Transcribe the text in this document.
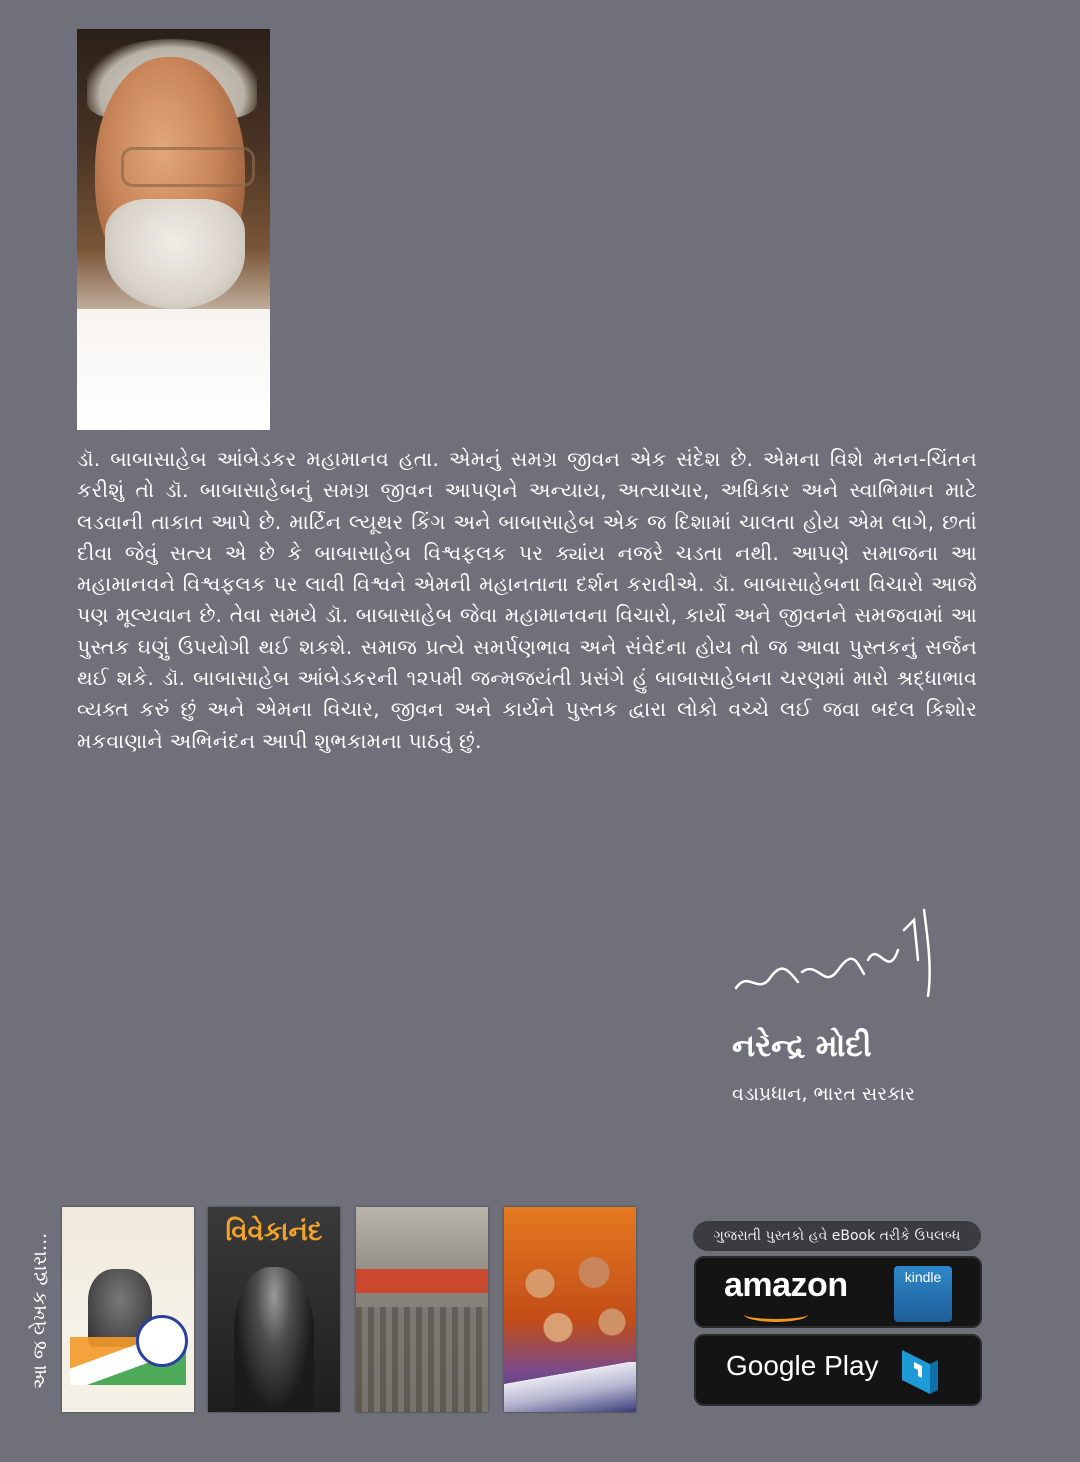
ડૉ. બાબાસાહેબ આંબેડકર મહામાનવ હતા. એમનું સમગ્ર જીવન એક સંદેશ છે. એમના વિશે મનન-ચિંતન કરીશું તો ડૉ. બાબાસાહેબનું સમગ્ર જીવન આપણને અન્યાય, અત્યાચાર, અધિકાર અને સ્વાભિમાન માટે લડવાની તાકાત આપે છે. માર્ટિન લ્યૂથર કિંગ અને બાબાસાહેબ એક જ દિશામાં ચાલતા હોય એમ લાગે, છતાં દીવા જેવું સત્ય એ છે કે બાબાસાહેબ વિશ્વફલક પર ક્યાંય નજરે ચડતા નથી. આપણે સમાજના આ મહામાનવને વિશ્વફલક પર લાવી વિશ્વને એમની મહાનતાના દર્શન કરાવીએ. ડૉ. બાબાસાહેબના વિચારો આજે પણ મૂલ્યવાન છે. તેવા સમયે ડૉ. બાબાસાહેબ જેવા મહામાનવના વિચારો, કાર્યો અને જીવનને સમજવામાં આ પુસ્તક ઘણું ઉપયોગી થઈ શકશે. સમાજ પ્રત્યે સમર્પણભાવ અને સંવેદના હોય તો જ આવા પુસ્તકનું સર્જન થઈ શકે. ડૉ. બાબાસાહેબ આંબેડકરની ૧૨૫મી જન્મજયંતી પ્રસંગે હું બાબાસાહેબના ચરણમાં મારો શ્રદ્ધાભાવ વ્યક્ત કરું છું અને એમના વિચાર, જીવન અને કાર્યને પુસ્તક દ્વારા લોકો વચ્ચે લઈ જવા બદલ કિશોર મકવાણાને અભિનંદન આપી શુભકામના પાઠવું છું.

નરેન્દ્ર મોદી

વડાપ્રધાન, ભારત સરકાર

આ જ લેખક દ્વારા...
વિવેકાનંદ	ગુજરાતી પુસ્તકો હવે eBook તરીકે ઉપલબ્ધ
amazon	kindle
Google Play
